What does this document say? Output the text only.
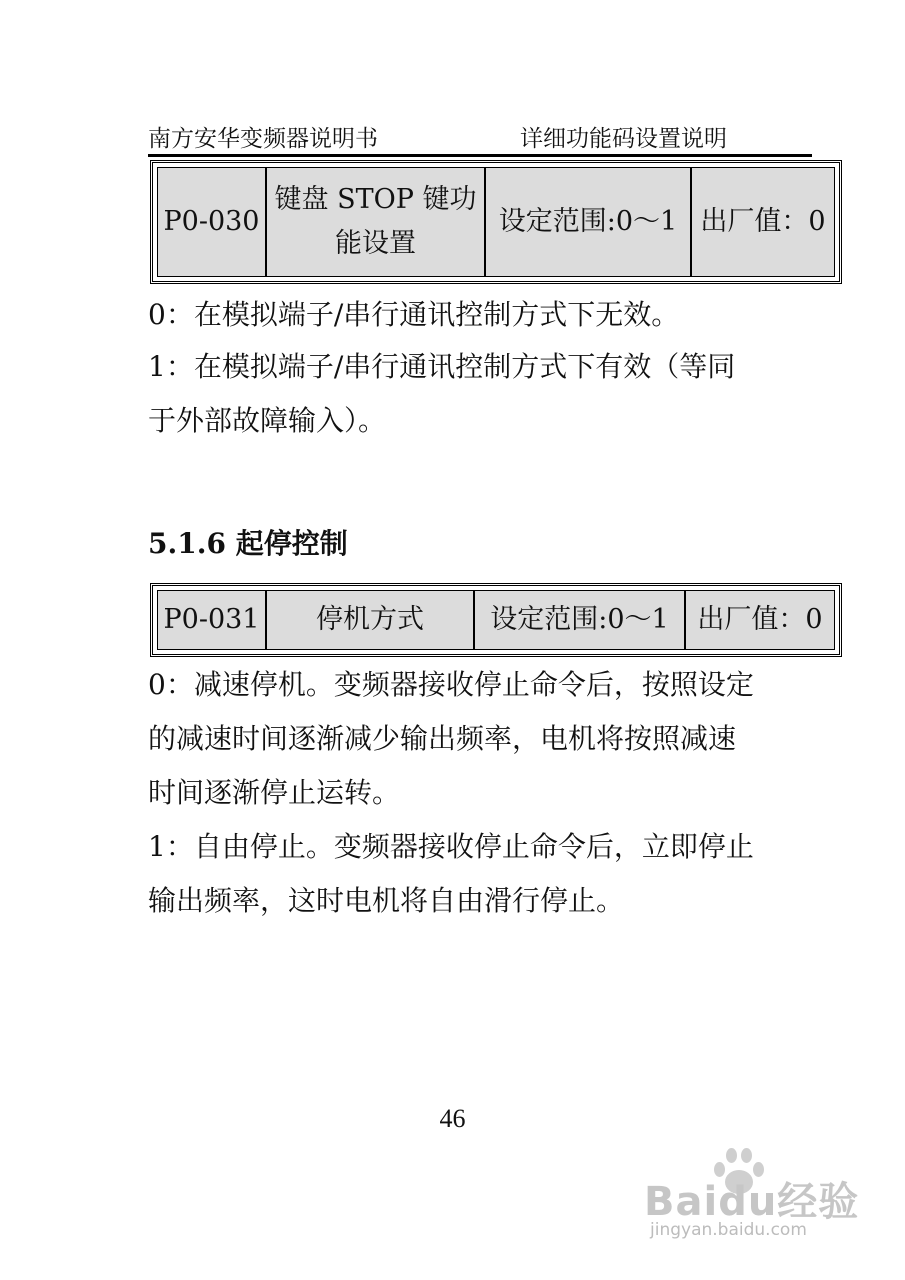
南方安华变频器说明书	详细功能码设置说明
P0-030
键盘 STOP 键功
能设置
设定范围:0～1 出厂值：0
0：在模拟端子/串行通讯控制方式下无效。
1：在模拟端子/串行通讯控制方式下有效（等同
于外部故障输入）。
5.1.6 起停控制
P0-031 停机方式 设定范围:0～1 出厂值：0
0：减速停机。变频器接收停止命令后，按照设定
的减速时间逐渐减少输出频率，电机将按照减速
时间逐渐停止运转。
1：自由停止。变频器接收停止命令后，立即停止
输出频率，这时电机将自由滑行停止。
46
Baidu经验
jingyan.baidu.com
